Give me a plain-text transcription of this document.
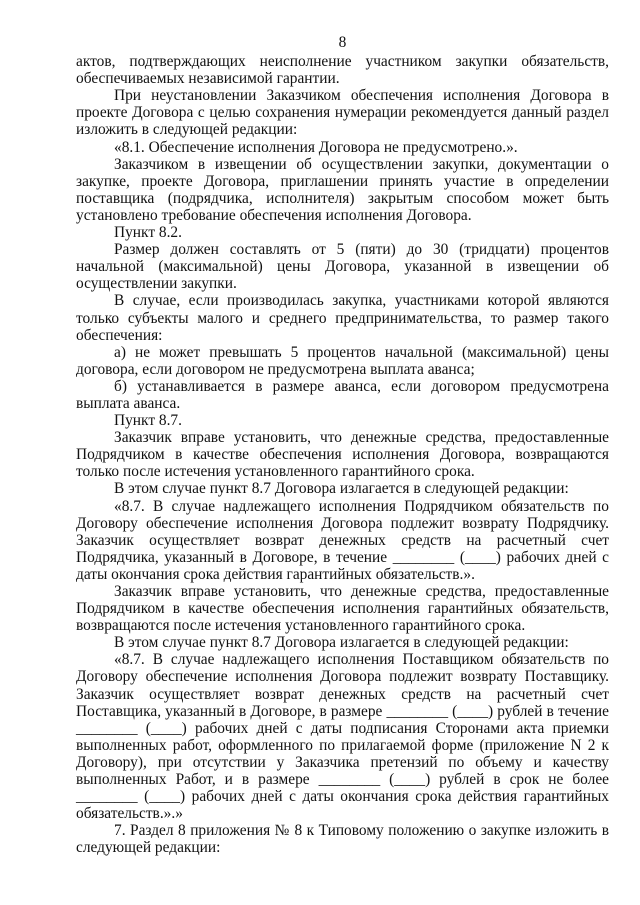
8

актов, подтверждающих неисполнение участником закупки обязательств, обеспечиваемых независимой гарантии.

При неустановлении Заказчиком обеспечения исполнения Договора в проекте Договора с целью сохранения нумерации рекомендуется данный раздел изложить в следующей редакции:

«8.1. Обеспечение исполнения Договора не предусмотрено.».

Заказчиком в извещении об осуществлении закупки, документации о закупке, проекте Договора, приглашении принять участие в определении поставщика (подрядчика, исполнителя) закрытым способом может быть установлено требование обеспечения исполнения Договора.

Пункт 8.2.

Размер должен составлять от 5 (пяти) до 30 (тридцати) процентов начальной (максимальной) цены Договора, указанной в извещении об осуществлении закупки.

В случае, если производилась закупка, участниками которой являются только субъекты малого и среднего предпринимательства, то размер такого обеспечения:

а) не может превышать 5 процентов начальной (максимальной) цены договора, если договором не предусмотрена выплата аванса;

б) устанавливается в размере аванса, если договором предусмотрена выплата аванса.

Пункт 8.7.

Заказчик вправе установить, что денежные средства, предоставленные Подрядчиком в качестве обеспечения исполнения Договора, возвращаются только после истечения установленного гарантийного срока.

В этом случае пункт 8.7 Договора излагается в следующей редакции:

«8.7. В случае надлежащего исполнения Подрядчиком обязательств по Договору обеспечение исполнения Договора подлежит возврату Подрядчику. Заказчик осуществляет возврат денежных средств на расчетный счет Подрядчика, указанный в Договоре, в течение ________ (____) рабочих дней с даты окончания срока действия гарантийных обязательств.».

Заказчик вправе установить, что денежные средства, предоставленные Подрядчиком в качестве обеспечения исполнения гарантийных обязательств, возвращаются после истечения установленного гарантийного срока.

В этом случае пункт 8.7 Договора излагается в следующей редакции:

«8.7. В случае надлежащего исполнения Поставщиком обязательств по Договору обеспечение исполнения Договора подлежит возврату Поставщику. Заказчик осуществляет возврат денежных средств на расчетный счет Поставщика, указанный в Договоре, в размере ________ (____) рублей в течение ________ (____) рабочих дней с даты подписания Сторонами акта приемки выполненных работ, оформленного по прилагаемой форме (приложение N 2 к Договору), при отсутствии у Заказчика претензий по объему и качеству выполненных Работ, и в размере ________ (____) рублей в срок не более ________ (____) рабочих дней с даты окончания срока действия гарантийных обязательств.».»

7. Раздел 8 приложения № 8 к Типовому положению о закупке изложить в следующей редакции:
